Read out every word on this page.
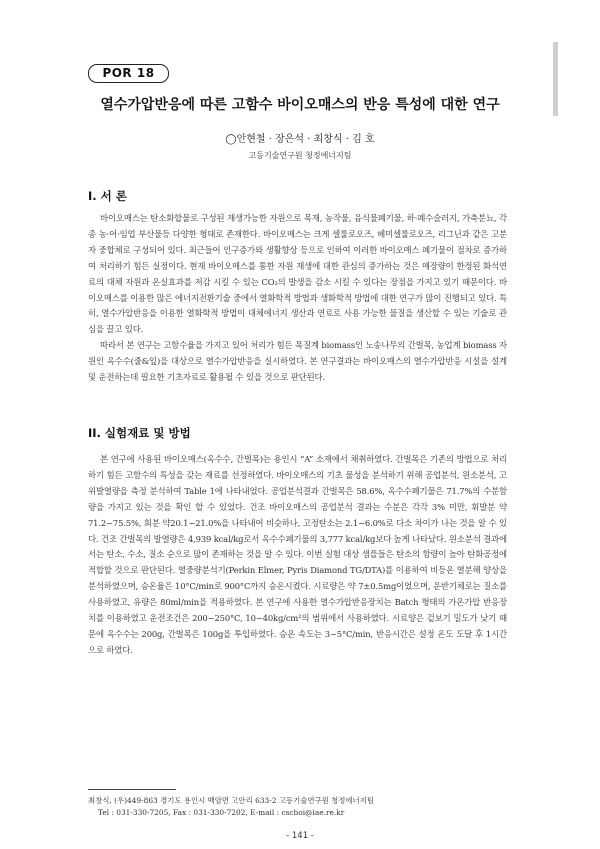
POR 18
열수가압반응에 따른 고함수 바이오매스의 반응 특성에 대한 연구
◯안현철 · 장은석 · 최창식 · 김 호
고등기술연구원 청정에너지팀
I. 서 론

바이오매스는 탄소화합물로 구성된 재생가능한 자원으로 목재, 농작물, 음식물폐기물, 하·폐수슬러지, 가축분뇨, 각종 농·어·임업 부산물등 다양한 형태로 존재한다. 바이오매스는 크게 셀룰로오즈, 헤미셀룰로오즈, 리그닌과 같은 고분자 중합체로 구성되어 있다. 최근들어 인구증가와 생활향상 등으로 인하여 이러한 바이오매스 폐기물이 점차로 증가하여 처리하기 힘든 실정이다. 현재 바이오매스를 통한 자원 재생에 대한 관심의 증가하는 것은 매장량이 한정된 화석연료의 대체 자원과 온실효과를 저감 시킬 수 있는 CO₂의 발생을 감소 시킬 수 있다는 장점을 가지고 있기 때문이다. 바이오매스를 이용한 많은 에너지전환기술 중에서 열화학적 방법과 생화학적 방법에 대한 연구가 많이 진행되고 있다. 특히, 열수가압반응을 이용한 열화학적 방법이 대체에너지 생산과 연료로 사용 가능한 물질을 생산할 수 있는 기술로 관심을 끌고 있다.

따라서 본 연구는 고함수율을 가지고 있어 처리가 힘든 목질계 biomass인 노송나무의 간벌목, 농업계 biomass 자원인 옥수수(줄&잎)을 대상으로 열수가압반응을 실시하였다. 본 연구결과는 바이오매스의 열수가압반응 시설을 설계 및 운전하는데 필요한 기초자료로 활용될 수 있을 것으로 판단된다.

II. 실험재료 및 방법

본 연구에 사용된 바이오매스(옥수수, 간벌목)는 용인시 “A” 소재에서 채취하였다. 간벌목은 기존의 방법으로 처리하기 힘든 고함수의 특성을 갖는 재료를 선정하였다. 바이오매스의 기초 물성을 분석하기 위해 공업분석, 원소분석, 고위발열량을 측정 분석하여 Table 1에 나타내었다. 공업분석결과 간벌목은 58.6%, 옥수수폐기물은 71.7%의 수분함량을 가지고 있는 것을 확인 할 수 있었다. 건조 바이오매스의 공업분석 결과는 수분은 각각 3% 미만, 휘발분 약71.2~75.5%, 회분 약20.1~21.0%을 나타내어 비슷하나, 고정탄소는 2.1~6.0%로 다소 차이가 나는 것을 알 수 있다. 건조 간벌목의 발열량은 4,939 kcal/kg로서 옥수수폐기물의 3,777 kcal/kg보다 높게 나타났다. 원소분석 결과에서는 탄소, 수소, 질소 순으로 많이 존재하는 것을 알 수 있다. 이번 실험 대상 샘플들은 탄소의 함량이 높아 탄화공정에 적합할 것으로 판단된다. 열중량분석기(Perkin Elmer, Pyris Diamond TG/DTA)를 이용하여 비등온 열분해 양상을 분석하였으며, 승온율은 10°C/min로 900°C까지 승온시켰다. 시료량은 약 7±0.5mg이었으며, 운반기체로는 질소를 사용하였고, 유량은 80ml/min을 적용하였다. 본 연구에 사용한 열수가압반응장치는 Batch 형태의 가온가압 반응장치를 이용하였고 운전조건은 200~250°C, 10~40kg/cm²의 범위에서 사용하였다. 시료양은 겉보기 밀도가 낮기 때문에 옥수수는 200g, 간벌목은 100g을 투입하였다. 승온 속도는 3~5°C/min, 반응시간은 설정 온도 도달 후 1시간으로 하였다.

최창식, (우)449-863 경기도 용인시 백암면 고안리 633-2 고등기술연구원 청정에너지팀
Tel : 031-330-7205, Fax : 031-330-7202, E-mail : cschoi@iae.re.kr
- 141 -
